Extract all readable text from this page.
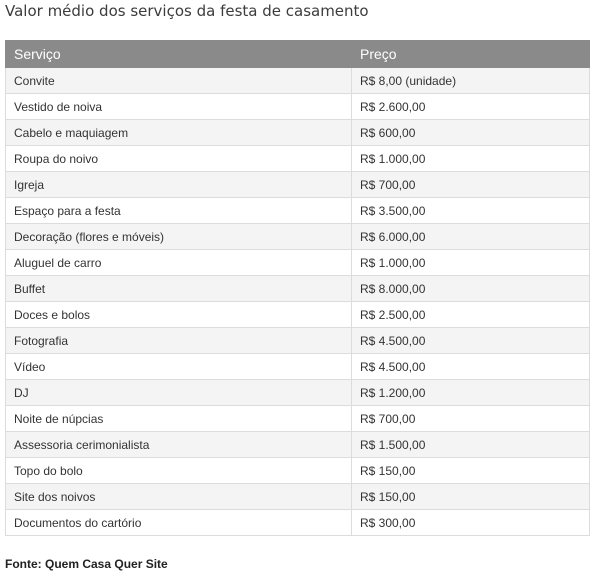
Valor médio dos serviços da festa de casamento
Serviço	Preço
Convite	R$ 8,00 (unidade)
Vestido de noiva	R$ 2.600,00
Cabelo e maquiagem	R$ 600,00
Roupa do noivo	R$ 1.000,00
Igreja	R$ 700,00
Espaço para a festa	R$ 3.500,00
Decoração (flores e móveis)	R$ 6.000,00
Aluguel de carro	R$ 1.000,00
Buffet	R$ 8.000,00
Doces e bolos	R$ 2.500,00
Fotografia	R$ 4.500,00
Vídeo	R$ 4.500,00
DJ	R$ 1.200,00
Noite de núpcias	R$ 700,00
Assessoria cerimonialista	R$ 1.500,00
Topo do bolo	R$ 150,00
Site dos noivos	R$ 150,00
Documentos do cartório	R$ 300,00

Fonte: Quem Casa Quer Site
